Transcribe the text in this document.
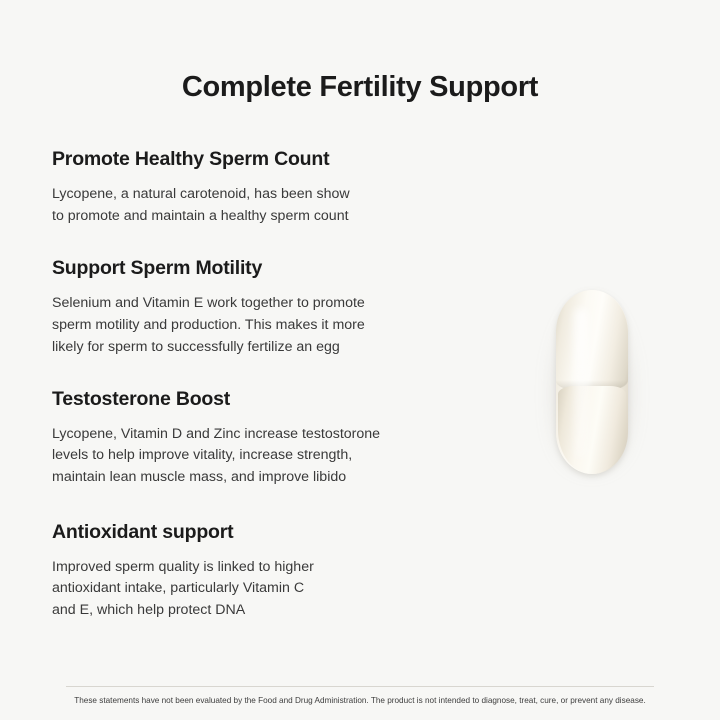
Complete Fertility Support
Promote Healthy Sperm Count

Lycopene, a natural carotenoid, has been show
to promote and maintain a healthy sperm count

Support Sperm Motility

Selenium and Vitamin E work together to promote
sperm motility and production. This makes it more
likely for sperm to successfully fertilize an egg

Testosterone Boost

Lycopene, Vitamin D and Zinc increase testostorone
levels to help improve vitality, increase strength,
maintain lean muscle mass, and improve libido

Antioxidant support

Improved sperm quality is linked to higher
antioxidant intake, particularly Vitamin C
and E, which help protect DNA

These statements have not been evaluated by the Food and Drug Administration. The product is not intended to diagnose, treat, cure, or prevent any disease.
